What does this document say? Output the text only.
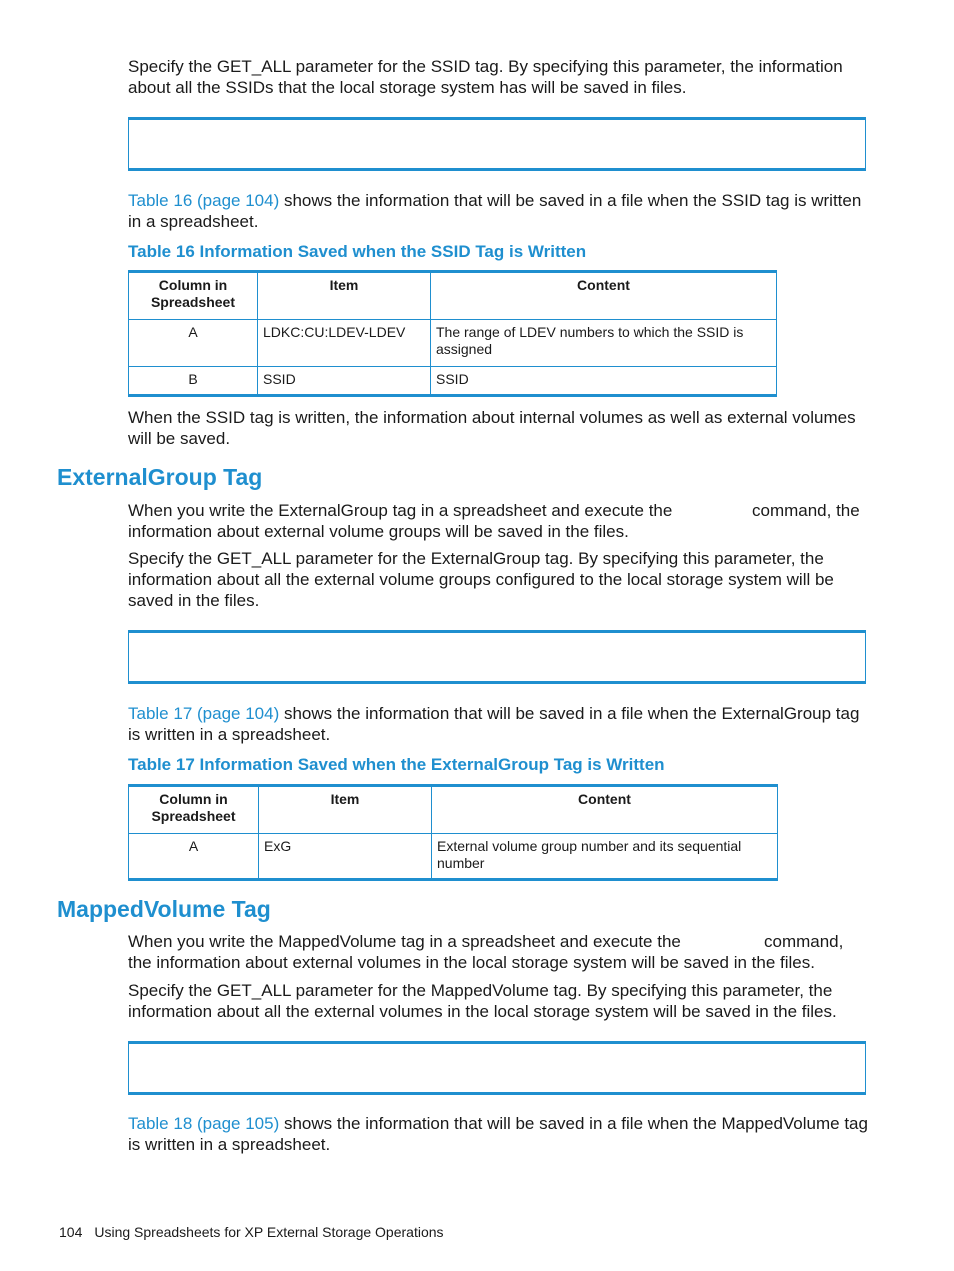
Specify the GET_ALL parameter for the SSID tag. By specifying this parameter, the information about all the SSIDs that the local storage system has will be saved in files.

Table 16 (page 104) shows the information that will be saved in a file when the SSID tag is written in a spreadsheet.

Table 16 Information Saved when the SSID Tag is Written
Column in Spreadsheet	Item	Content
A	LDKC:CU:LDEV-LDEV	The range of LDEV numbers to which the SSID is assigned
B	SSID	SSID

When the SSID tag is written, the information about internal volumes as well as external volumes will be saved.

ExternalGroup Tag

When you write the ExternalGroup tag in a spreadsheet and execute the	command, the information about external volume groups will be saved in the files.

Specify the GET_ALL parameter for the ExternalGroup tag. By specifying this parameter, the information about all the external volume groups configured to the local storage system will be saved in the files.

Table 17 (page 104) shows the information that will be saved in a file when the ExternalGroup tag is written in a spreadsheet.

Table 17 Information Saved when the ExternalGroup Tag is Written
Column in Spreadsheet	Item	Content
A	ExG	External volume group number and its sequential number
MappedVolume Tag

When you write the MappedVolume tag in a spreadsheet and execute the	command, the information about external volumes in the local storage system will be saved in the files.

Specify the GET_ALL parameter for the MappedVolume tag. By specifying this parameter, the information about all the external volumes in the local storage system will be saved in the files.

Table 18 (page 105) shows the information that will be saved in a file when the MappedVolume tag is written in a spreadsheet.

104 Using Spreadsheets for XP External Storage Operations
